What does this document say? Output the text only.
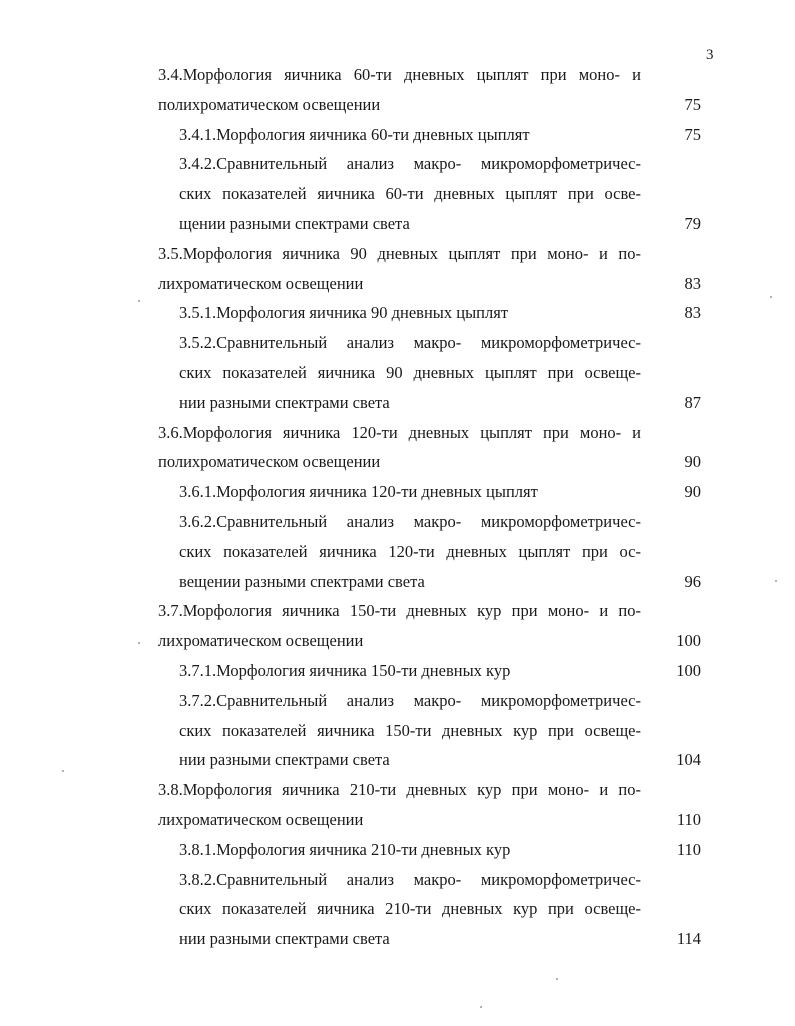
3
3.4.Морфология яичника 60-ти дневных цыплят при моно- и
полихроматическом освещении	75
3.4.1.Морфология яичника 60-ти дневных цыплят	75
3.4.2.Сравнительный анализ макро- микроморфометричес-
ских показателей яичника 60-ти дневных цыплят при осве-
щении разными спектрами света	79
3.5.Морфология яичника 90 дневных цыплят при моно- и по-
лихроматическом освещении	83
3.5.1.Морфология яичника 90 дневных цыплят	83
3.5.2.Сравнительный анализ макро- микроморфометричес-
ских показателей яичника 90 дневных цыплят при освеще-
нии разными спектрами света	87
3.6.Морфология яичника 120-ти дневных цыплят при моно- и
полихроматическом освещении	90
3.6.1.Морфология яичника 120-ти дневных цыплят	90
3.6.2.Сравнительный анализ макро- микроморфометричес-
ских показателей яичника 120-ти дневных цыплят при ос-
вещении разными спектрами света	96
3.7.Морфология яичника 150-ти дневных кур при моно- и по-
лихроматическом освещении	100
3.7.1.Морфология яичника 150-ти дневных кур	100
3.7.2.Сравнительный анализ макро- микроморфометричес-
ских показателей яичника 150-ти дневных кур при освеще-
нии разными спектрами света	104
3.8.Морфология яичника 210-ти дневных кур при моно- и по-
лихроматическом освещении	110
3.8.1.Морфология яичника 210-ти дневных кур	110
3.8.2.Сравнительный анализ макро- микроморфометричес-
ских показателей яичника 210-ти дневных кур при освеще-
нии разными спектрами света	114
